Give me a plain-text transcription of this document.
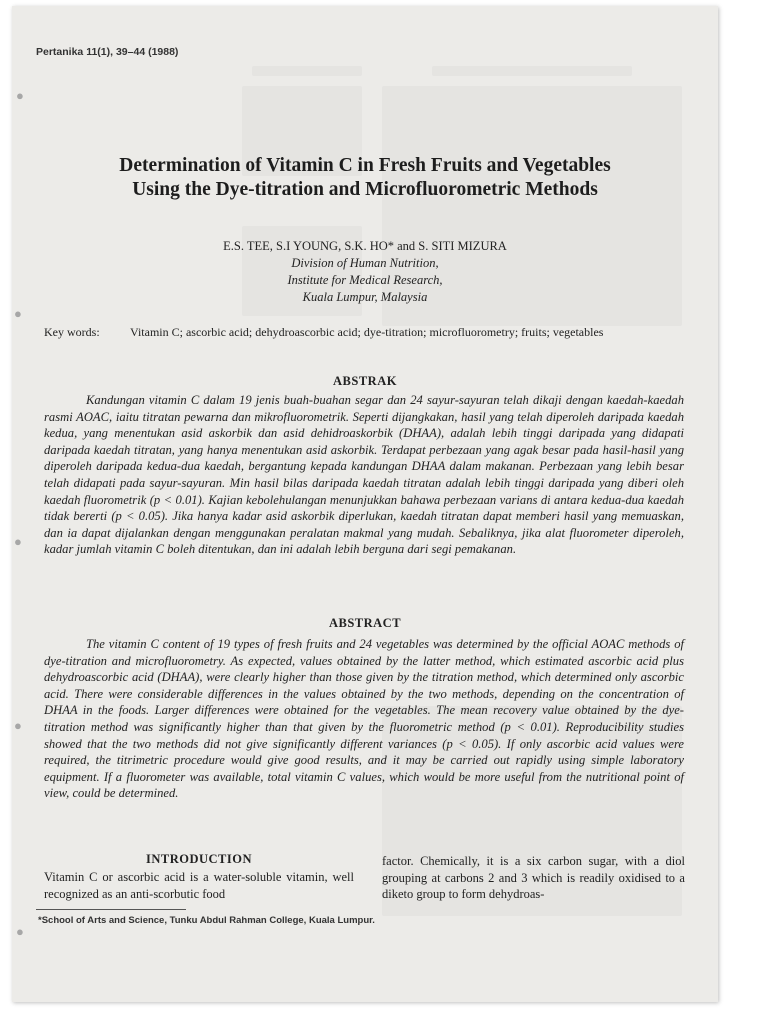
●
●
●
●
●
Pertanika 11(1), 39–44 (1988)
Determination of Vitamin C in Fresh Fruits and Vegetables
Using the Dye-titration and Microfluorometric Methods
E.S. TEE, S.I YOUNG, S.K. HO* and S. SITI MIZURA
Division of Human Nutrition,
Institute for Medical Research,
Kuala Lumpur, Malaysia
Key words:	Vitamin C; ascorbic acid; dehydroascorbic acid; dye-titration; microfluorometry; fruits; vegetables
ABSTRAK

Kandungan vitamin C dalam 19 jenis buah-buahan segar dan 24 sayur-sayuran telah dikaji dengan kaedah-kaedah rasmi AOAC, iaitu titratan pewarna dan mikrofluorometrik. Seperti dijangkakan, hasil yang telah diperoleh daripada kaedah kedua, yang menentukan asid askorbik dan asid dehidroaskorbik (DHAA), adalah lebih tinggi daripada yang didapati daripada kaedah titratan, yang hanya menentukan asid askorbik. Terdapat perbezaan yang agak besar pada hasil-hasil yang diperoleh daripada kedua-dua kaedah, bergantung kepada kandungan DHAA dalam makanan. Perbezaan yang lebih besar telah didapati pada sayur-sayuran. Min hasil bilas daripada kaedah titratan adalah lebih tinggi daripada yang diberi oleh kaedah fluorometrik (p < 0.01). Kajian kebolehulangan menunjukkan bahawa perbezaan varians di antara kedua-dua kaedah tidak bererti (p < 0.05). Jika hanya kadar asid askorbik diperlukan, kaedah titratan dapat memberi hasil yang memuaskan, dan ia dapat dijalankan dengan menggunakan peralatan makmal yang mudah. Sebaliknya, jika alat fluorometer diperoleh, kadar jumlah vitamin C boleh ditentukan, dan ini adalah lebih berguna dari segi pemakanan.

ABSTRACT

The vitamin C content of 19 types of fresh fruits and 24 vegetables was determined by the official AOAC methods of dye-titration and microfluorometry. As expected, values obtained by the latter method, which estimated ascorbic acid plus dehydroascorbic acid (DHAA), were clearly higher than those given by the titration method, which determined only ascorbic acid. There were considerable differences in the values obtained by the two methods, depending on the concentration of DHAA in the foods. Larger differences were obtained for the vegetables. The mean recovery value obtained by the dye-titration method was significantly higher than that given by the fluorometric method (p < 0.01). Reproducibility studies showed that the two methods did not give significantly different variances (p < 0.05). If only ascorbic acid values were required, the titrimetric procedure would give good results, and it may be carried out rapidly using simple laboratory equipment. If a fluorometer was available, total vitamin C values, which would be more useful from the nutritional point of view, could be determined.

INTRODUCTION

Vitamin C or ascorbic acid is a water-soluble vitamin, well recognized as an anti-scorbutic food

factor. Chemically, it is a six carbon sugar, with a diol grouping at carbons 2 and 3 which is readily oxidised to a diketo group to form dehydroas-

*School of Arts and Science, Tunku Abdul Rahman College, Kuala Lumpur.
